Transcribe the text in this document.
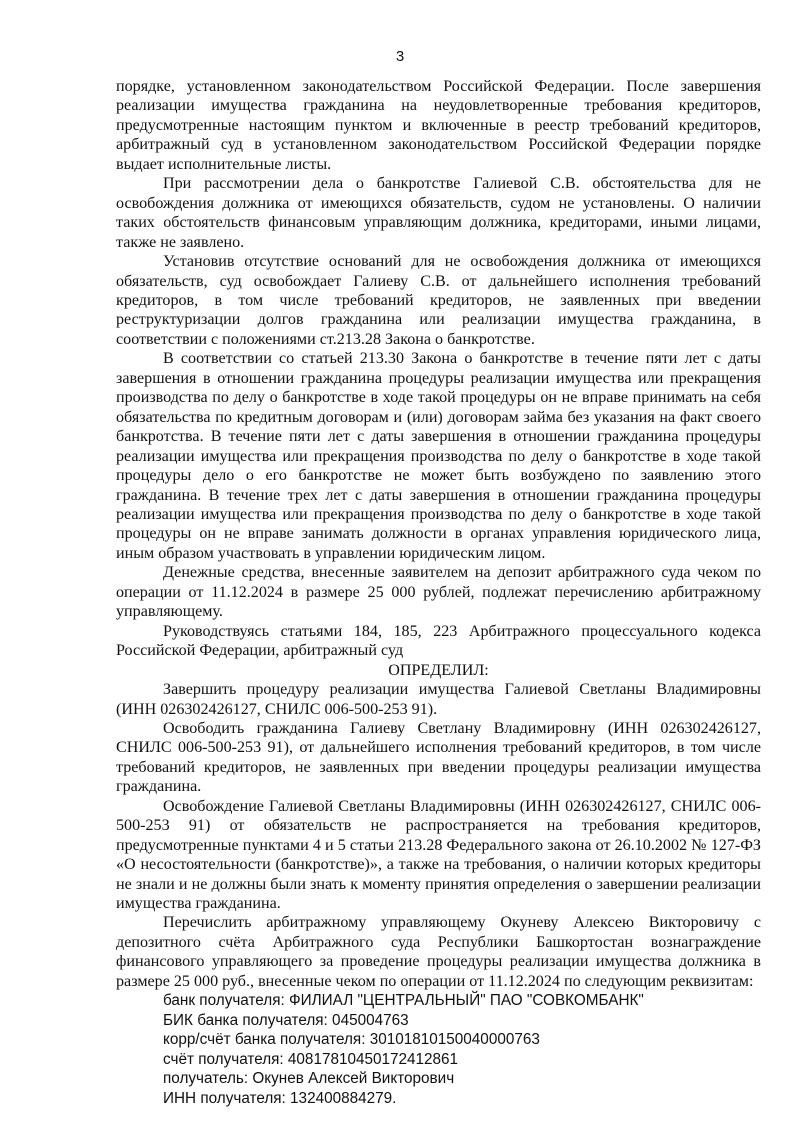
3

порядке, установленном законодательством Российской Федерации. После завершения реализации имущества гражданина на неудовлетворенные требования кредиторов, предусмотренные настоящим пунктом и включенные в реестр требований кредиторов, арбитражный суд в установленном законодательством Российской Федерации порядке выдает исполнительные листы.

При рассмотрении дела о банкротстве Галиевой С.В. обстоятельства для не освобождения должника от имеющихся обязательств, судом не установлены. О наличии таких обстоятельств финансовым управляющим должника, кредиторами, иными лицами, также не заявлено.

Установив отсутствие оснований для не освобождения должника от имеющихся обязательств, суд освобождает Галиеву С.В. от дальнейшего исполнения требований кредиторов, в том числе требований кредиторов, не заявленных при введении реструктуризации долгов гражданина или реализации имущества гражданина, в соответствии с положениями ст.213.28 Закона о банкротстве.

В соответствии со статьей 213.30 Закона о банкротстве в течение пяти лет с даты завершения в отношении гражданина процедуры реализации имущества или прекращения производства по делу о банкротстве в ходе такой процедуры он не вправе принимать на себя обязательства по кредитным договорам и (или) договорам займа без указания на факт своего банкротства. В течение пяти лет с даты завершения в отношении гражданина процедуры реализации имущества или прекращения производства по делу о банкротстве в ходе такой процедуры дело о его банкротстве не может быть возбуждено по заявлению этого гражданина. В течение трех лет с даты завершения в отношении гражданина процедуры реализации имущества или прекращения производства по делу о банкротстве в ходе такой процедуры он не вправе занимать должности в органах управления юридического лица, иным образом участвовать в управлении юридическим лицом.

Денежные средства, внесенные заявителем на депозит арбитражного суда чеком по операции от 11.12.2024 в размере 25 000 рублей, подлежат перечислению арбитражному управляющему.

Руководствуясь статьями 184, 185, 223 Арбитражного процессуального кодекса Российской Федерации, арбитражный суд

ОПРЕДЕЛИЛ:

Завершить процедуру реализации имущества Галиевой Светланы Владимировны (ИНН 026302426127, СНИЛС 006-500-253 91).

Освободить гражданина Галиеву Светлану Владимировну (ИНН 026302426127, СНИЛС 006-500-253 91), от дальнейшего исполнения требований кредиторов, в том числе требований кредиторов, не заявленных при введении процедуры реализации имущества гражданина.

Освобождение Галиевой Светланы Владимировны (ИНН 026302426127, СНИЛС 006-500-253 91) от обязательств не распространяется на требования кредиторов, предусмотренные пунктами 4 и 5 статьи 213.28 Федерального закона от 26.10.2002 № 127-ФЗ «О несостоятельности (банкротстве)», а также на требования, о наличии которых кредиторы не знали и не должны были знать к моменту принятия определения о завершении реализации имущества гражданина.

Перечислить арбитражному управляющему Окуневу Алексею Викторовичу с депозитного счёта Арбитражного суда Республики Башкортостан вознаграждение финансового управляющего за проведение процедуры реализации имущества должника в размере 25 000 руб., внесенные чеком по операции от 11.12.2024 по следующим реквизитам:

банк получателя: ФИЛИАЛ "ЦЕНТРАЛЬНЫЙ" ПАО "СОВКОМБАНК"
БИК банка получателя: 045004763
корр/счёт банка получателя: 30101810150040000763
счёт получателя: 40817810450172412861
получатель: Окунев Алексей Викторович
ИНН получателя: 132400884279.
